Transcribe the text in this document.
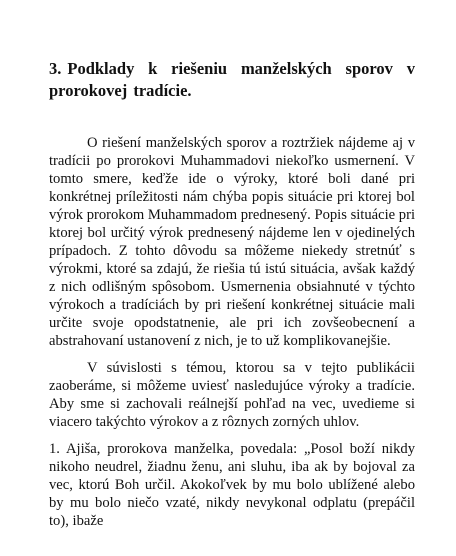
3. Podklady k riešeniu manželských sporov v prorokovej tradície.

O riešení manželských sporov a roztržiek nájdeme aj v tradícii po prorokovi Muhammadovi niekoľko usmernení. V tomto smere, keďže ide o výroky, ktoré boli dané pri konkrétnej príležitosti nám chýba popis situácie pri ktorej bol výrok prorokom Muhammadom prednesený. Popis situácie pri ktorej bol určitý výrok prednesený nájdeme len v ojedinelých prípadoch. Z tohto dôvodu sa môžeme niekedy stretnúť s výrokmi, ktoré sa zdajú, že riešia tú istú situácia, avšak každý z nich odlišným spôsobom. Usmernenia obsiahnuté v týchto výrokoch a tradíciách by pri riešení konkrétnej situácie mali určite svoje opodstatnenie, ale pri ich zovšeobecnení a abstrahovaní ustanovení z nich, je to už komplikovanejšie.

V súvislosti s témou, ktorou sa v tejto publikácii zaoberáme, si môžeme uviesť nasledujúce výroky a tradície. Aby sme si zachovali reálnejší pohľad na vec, uvedieme si viacero takýchto výrokov a z rôznych zorných uhlov.

1. Ajiša, prorokova manželka, povedala: „Posol boží nikdy nikoho neudrel, žiadnu ženu, ani sluhu, iba ak by bojoval za vec, ktorú Boh určil. Akokoľvek by mu bolo ublížené alebo by mu bolo niečo vzaté, nikdy nevykonal odplatu (prepáčil to), ibaže
